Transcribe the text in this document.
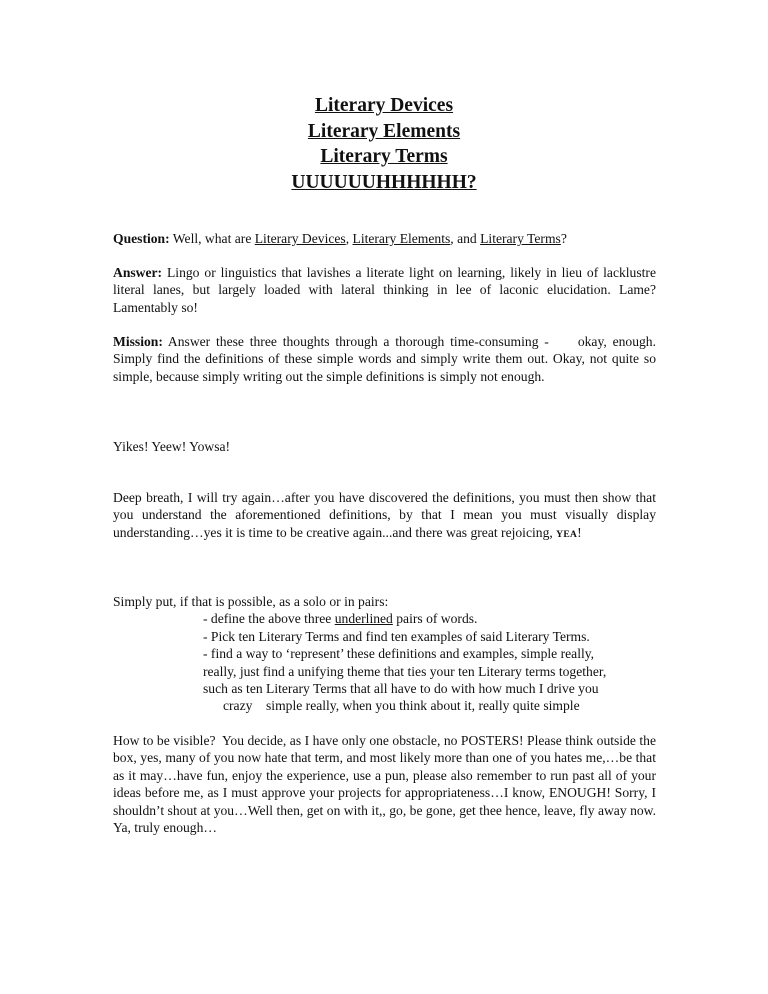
Literary Devices
Literary Elements
Literary Terms
UUUUUUHHHHHH?

Question: Well, what are Literary Devices, Literary Elements, and Literary Terms?

Answer: Lingo or linguistics that lavishes a literate light on learning, likely in lieu of lacklustre literal lanes, but largely loaded with lateral thinking in lee of laconic elucidation. Lame? Lamentably so!

Mission: Answer these three thoughts through a thorough time-consuming -     okay, enough. Simply find the definitions of these simple words and simply write them out. Okay, not quite so simple, because simply writing out the simple definitions is simply not enough.

Yikes! Yeew! Yowsa!

Deep breath, I will try again…after you have discovered the definitions, you must then show that you understand the aforementioned definitions, by that I mean you must visually display understanding…yes it is time to be creative again...and there was great rejoicing, YEA!

Simply put, if that is possible, as a solo or in pairs:

- define the above three underlined pairs of words.

- Pick ten Literary Terms and find ten examples of said Literary Terms.

- find a way to ‘represent’ these definitions and examples, simple really,

really, just find a unifying theme that ties your ten Literary terms together,

such as ten Literary Terms that all have to do with how much I drive you

crazy    simple really, when you think about it, really quite simple

How to be visible?  You decide, as I have only one obstacle, no POSTERS! Please think outside the box, yes, many of you now hate that term, and most likely more than one of you hates me,…be that as it may…have fun, enjoy the experience, use a pun, please also remember to run past all of your ideas before me, as I must approve your projects for appropriateness…I know, ENOUGH! Sorry, I shouldn’t shout at you…Well then, get on with it,, go, be gone, get thee hence, leave, fly away now.    Ya, truly enough…
